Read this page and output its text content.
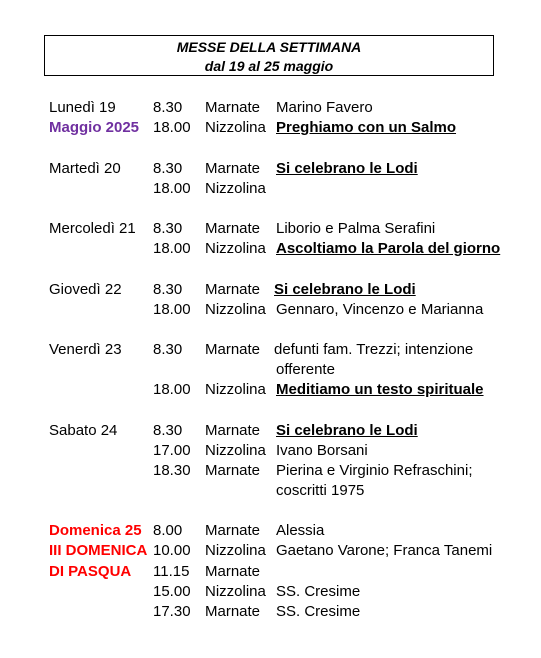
MESSE DELLA SETTIMANA
dal 19 al 25 maggio
Lunedì 19 8.30 Marnate Marino Favero
Maggio 2025 18.00 Nizzolina Preghiamo con un Salmo
Martedì 20 8.30 Marnate Si celebrano le Lodi
18.00 Nizzolina
Mercoledì 21 8.30 Marnate Liborio e Palma Serafini
18.00 Nizzolina Ascoltiamo la Parola del giorno
Giovedì 22 8.30 Marnate Si celebrano le Lodi
18.00 Nizzolina Gennaro, Vincenzo e Marianna
Venerdì 23 8.30 Marnate defunti fam. Trezzi; intenzione
offerente
18.00 Nizzolina Meditiamo un testo spirituale
Sabato 24 8.30 Marnate Si celebrano le Lodi
17.00 Nizzolina Ivano Borsani
18.30 Marnate Pierina e Virginio Refraschini;
coscritti 1975
Domenica 25 8.00 Marnate Alessia
III DOMENICA 10.00 Nizzolina Gaetano Varone; Franca Tanemi
DI PASQUA 11.15 Marnate
15.00 Nizzolina SS. Cresime
17.30 Marnate SS. Cresime
